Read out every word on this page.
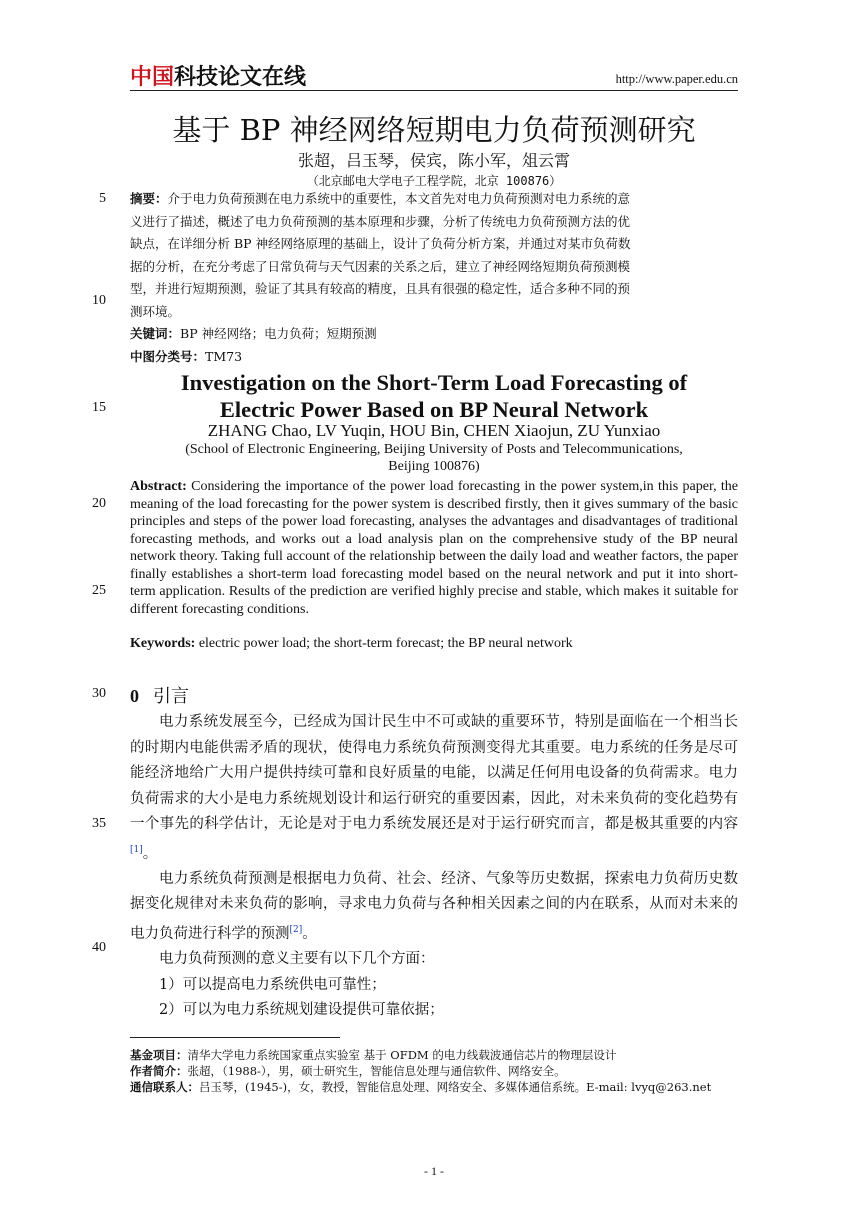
中国科技论文在线	http://www.paper.edu.cn
基于 BP 神经网络短期电力负荷预测研究
张超，吕玉琴，侯宾，陈小军，俎云霄
（北京邮电大学电子工程学院，北京 100876）
5
10
15
20
25
30
35
40
摘要：介于电力负荷预测在电力系统中的重要性，本文首先对电力负荷预测对电力系统的意
义进行了描述，概述了电力负荷预测的基本原理和步骤，分析了传统电力负荷预测方法的优
缺点，在详细分析 BP 神经网络原理的基础上，设计了负荷分析方案，并通过对某市负荷数
据的分析，在充分考虑了日常负荷与天气因素的关系之后，建立了神经网络短期负荷预测模
型，并进行短期预测，验证了其具有较高的精度，且具有很强的稳定性，适合多种不同的预
测环境。
关键词：BP 神经网络；电力负荷；短期预测
中图分类号：TM73
Investigation on the Short-Term Load Forecasting of
Electric Power Based on BP Neural Network
ZHANG Chao, LV Yuqin, HOU Bin, CHEN Xiaojun, ZU Yunxiao
(School of Electronic Engineering, Beijing University of Posts and Telecommunications,
Beijing 100876)
Abstract: Considering the importance of the power load forecasting in the power system,in this paper, the meaning of the load forecasting for the power system is described firstly, then it gives summary of the basic principles and steps of the power load forecasting, analyses the advantages and disadvantages of traditional forecasting methods, and works out a load analysis plan on the comprehensive study of the BP neural network theory. Taking full account of the relationship between the daily load and weather factors, the paper finally establishes a short-term load forecasting model based on the neural network and put it into short-term application. Results of the prediction are verified highly precise and stable, which makes it suitable for different forecasting conditions.
Keywords: electric power load; the short-term forecast; the BP neural network
0 引言
电力系统发展至今，已经成为国计民生中不可或缺的重要环节，特别是面临在一个相当长的时期内电能供需矛盾的现状，使得电力系统负荷预测变得尤其重要。电力系统的任务是尽可能经济地给广大用户提供持续可靠和良好质量的电能，以满足任何用电设备的负荷需求。电力负荷需求的大小是电力系统规划设计和运行研究的重要因素，因此，对未来负荷的变化趋势有一个事先的科学估计，无论是对于电力系统发展还是对于运行研究而言，都是极其重要的内容[1]。
电力系统负荷预测是根据电力负荷、社会、经济、气象等历史数据，探索电力负荷历史数据变化规律对未来负荷的影响，寻求电力负荷与各种相关因素之间的内在联系，从而对未来的电力负荷进行科学的预测[2]。
电力负荷预测的意义主要有以下几个方面：
1）可以提高电力系统供电可靠性；
2）可以为电力系统规划建设提供可靠依据；
基金项目：清华大学电力系统国家重点实验室 基于 OFDM 的电力线载波通信芯片的物理层设计
作者简介：张超，（1988-），男，硕士研究生，智能信息处理与通信软件、网络安全。
通信联系人：吕玉琴，(1945-)，女，教授，智能信息处理、网络安全、多媒体通信系统。E-mail: lvyq@263.net
- 1 -
